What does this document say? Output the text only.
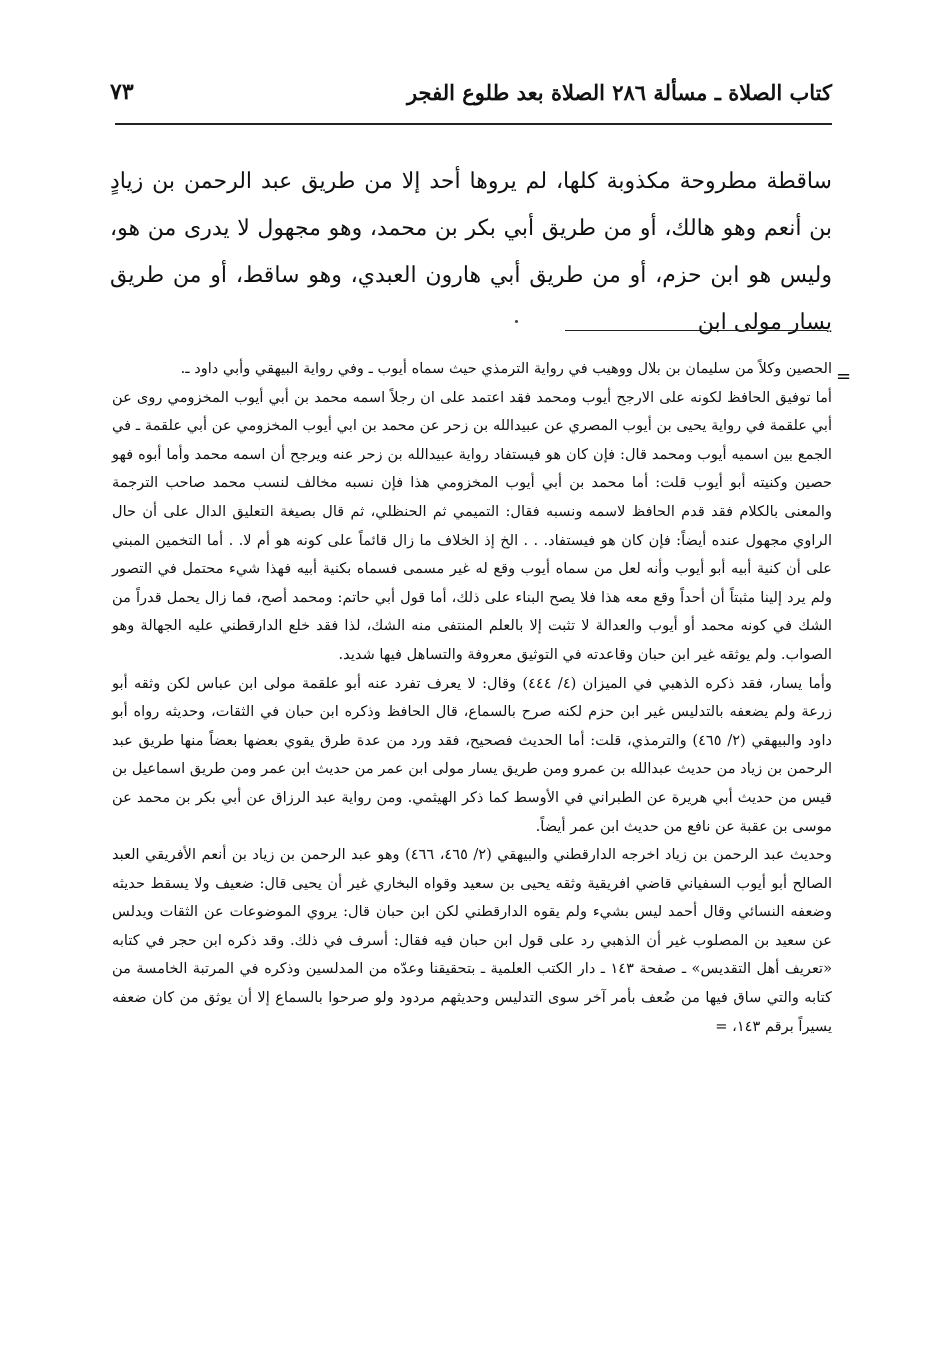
كتاب الصلاة ـ مسألة ٢٨٦ الصلاة بعد طلوع الفجر
٧٣

ساقطة مطروحة مكذوبة كلها، لم يروها أحد إلا من طريق عبد الرحمن بن زيادٍ بن أنعم وهو هالك، أو من طريق أبي بكر بن محمد، وهو مجهول لا يدرى من هو، وليس هو ابن حزم، أو من طريق أبي هارون العبدي، وهو ساقط، أو من طريق يسار مولى ابن

=

الحصين وكلاً من سليمان بن بلال ووهيب في رواية الترمذي حيث سماه أيوب ـ وفي رواية البيهقي وأبي داود ـ.

أما توفيق الحافظ لكونه على الارجح أيوب ومحمد فقد اعتمد على ان رجلاً اسمه محمد بن أبي أيوب المخزومي روى عن أبي علقمة في رواية يحيى بن أيوب المصري عن عبيدالله بن زحر عن محمد بن ابي أيوب المخزومي عن أبي علقمة ـ في الجمع بين اسميه أيوب ومحمد قال: فإن كان هو فيستفاد رواية عبيدالله بن زحر عنه ويرجح أن اسمه محمد وأما أبوه فهو حصين وكنيته أبو أيوب قلت: أما محمد بن أبي أيوب المخزومي هذا فإن نسبه مخالف لنسب محمد صاحب الترجمة والمعنى بالكلام فقد قدم الحافظ لاسمه ونسبه فقال: التميمي ثم الحنظلي، ثم قال بصيغة التعليق الدال على أن حال الراوي مجهول عنده أيضاً: فإن كان هو فيستفاد. . . الخ إذ الخلاف ما زال قائماً على كونه هو أم لا. . أما التخمين المبني على أن كنية أبيه أبو أيوب وأنه لعل من سماه أيوب وقع له غير مسمى فسماه بكنية أبيه فهذا شيء محتمل في التصور ولم يرد إلينا مثبتاً أن أحداً وقع معه هذا فلا يصح البناء على ذلك، أما قول أبي حاتم: ومحمد أصح، فما زال يحمل قدراً من الشك في كونه محمد أو أيوب والعدالة لا تثبت إلا بالعلم المنتفى منه الشك، لذا فقد خلع الدارقطني عليه الجهالة وهو الصواب. ولم يوثقه غير ابن حبان وقاعدته في التوثيق معروفة والتساهل فيها شديد.

وأما يسار، فقد ذكره الذهبي في الميزان (٤/ ٤٤٤) وقال: لا يعرف تفرد عنه أبو علقمة مولى ابن عباس لكن وثقه أبو زرعة ولم يضعفه بالتدليس غير ابن حزم لكنه صرح بالسماع، قال الحافظ وذكره ابن حبان في الثقات، وحديثه رواه أبو داود والبيهقي (٢/ ٤٦٥) والترمذي، قلت: أما الحديث فصحيح، فقد ورد من عدة طرق يقوي بعضها بعضاً منها طريق عبد الرحمن بن زياد من حديث عبدالله بن عمرو ومن طريق يسار مولى ابن عمر من حديث ابن عمر ومن طريق اسماعيل بن قيس من حديث أبي هريرة عن الطبراني في الأوسط كما ذكر الهيثمي. ومن رواية عبد الرزاق عن أبي بكر بن محمد عن موسى بن عقبة عن نافع من حديث ابن عمر أيضاً.

وحديث عبد الرحمن بن زياد اخرجه الدارقطني والبيهقي (٢/ ٤٦٥، ٤٦٦) وهو عبد الرحمن بن زياد بن أنعم الأفريقي العبد الصالح أبو أيوب السفياني قاضي افريقية وثقه يحيى بن سعيد وقواه البخاري غير أن يحيى قال: ضعيف ولا يسقط حديثه وضعفه النسائي وقال أحمد ليس بشيء ولم يقوه الدارقطني لكن ابن حبان قال: يروي الموضوعات عن الثقات ويدلس عن سعيد بن المصلوب غير أن الذهبي رد على قول ابن حبان فيه فقال: أسرف في ذلك. وقد ذكره ابن حجر في كتابه «تعريف أهل التقديس» ـ صفحة ١٤٣ ـ دار الكتب العلمية ـ بتحقيقنا وعدّه من المدلسين وذكره في المرتبة الخامسة من كتابه والتي ساق فيها من ضُعف بأمر آخر سوى التدليس وحديثهم مردود ولو صرحوا بالسماع إلا أن يوثق من كان ضعفه يسيراً برقم ١٤٣، =
